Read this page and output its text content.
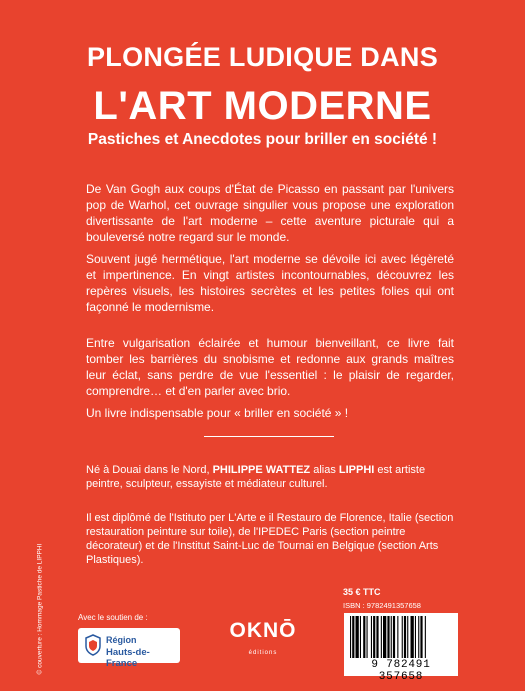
PLONGÉE LUDIQUE DANS
L'ART MODERNE
Pastiches et Anecdotes pour briller en société !
De Van Gogh aux coups d'État de Picasso en passant par l'univers pop de Warhol, cet ouvrage singulier vous propose une exploration divertissante de l'art moderne – cette aventure picturale qui a bouleversé notre regard sur le monde.
Souvent jugé hermétique, l'art moderne se dévoile ici avec légèreté et impertinence. En vingt artistes incontournables, découvrez les repères visuels, les histoires secrètes et les petites folies qui ont façonné le modernisme.
Entre vulgarisation éclairée et humour bienveillant, ce livre fait tomber les barrières du snobisme et redonne aux grands maîtres leur éclat, sans perdre de vue l'essentiel : le plaisir de regarder, comprendre… et d'en parler avec brio.
Un livre indispensable pour « briller en société » !
Né à Douai dans le Nord, PHILIPPE WATTEZ alias LIPPHI est artiste peintre, sculpteur, essayiste et médiateur culturel.
Il est diplômé de l'Istituto per L'Arte e il Restauro de Florence, Italie (section restauration peinture sur toile), de l'IPEDEC Paris (section peintre décorateur) et de l'Institut Saint-Luc de Tournai en Belgique (section Arts Plastiques).
© couverture : Hommage Pastiche de LIPPHI	Avec le soutien de :
Région
Hauts-de-France
OKNŌ
éditions
35 € TTC
ISBN : 9782491357658
9 782491 357658
